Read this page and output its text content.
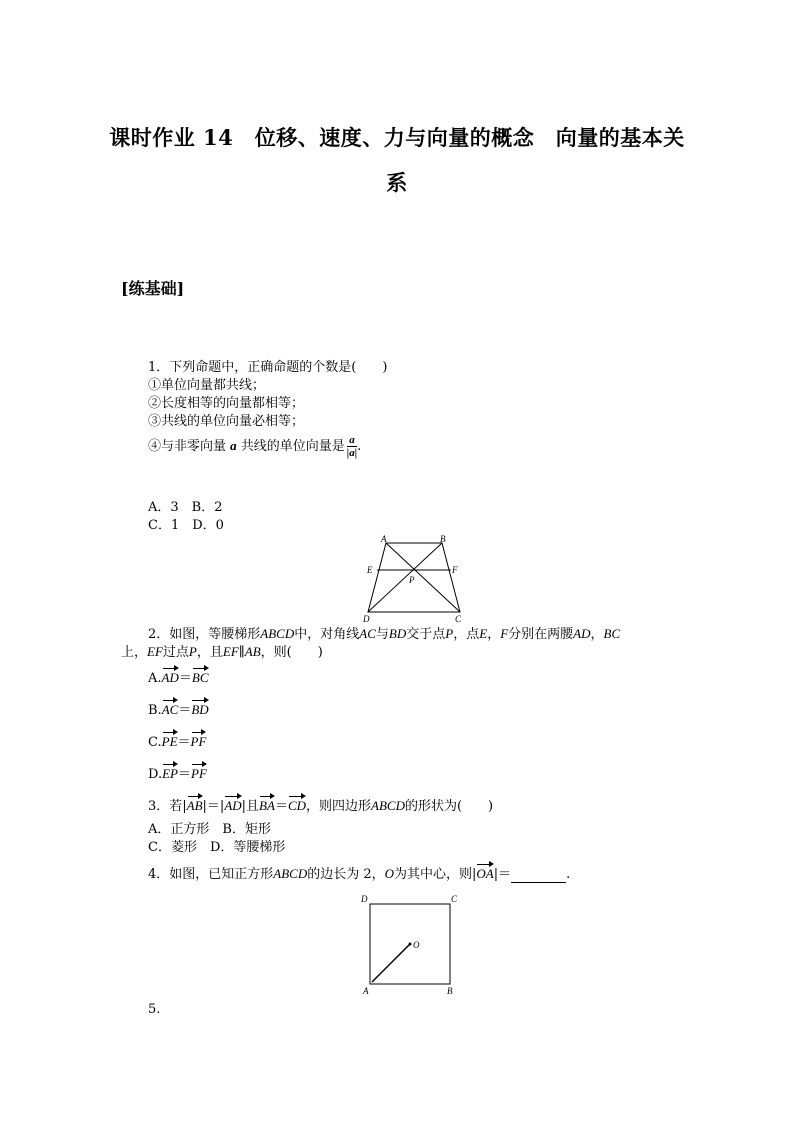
课时作业 14　位移、速度、力与向量的概念　向量的基本关
系
[练基础]
1．下列命题中，正确命题的个数是(　　)
①单位向量都共线；
②长度相等的向量都相等；
③共线的单位向量必相等；
④与非零向量 a 共线的单位向量是 $\frac{a}{|a|}$ .
A．3　B．2
C．1　D．0
A	B
E
P
F
D	C
2．如图，等腰梯形ABCD中，对角线AC与BD交于点P，点E，F分别在两腰AD，BC
上，EF过点P，且EF∥AB，则(　　)
A.AD＝BC
B.AC＝BD
C.PE＝PF
D.EP＝PF
3．若|AB|＝|AD|且BA＝CD，则四边形ABCD的形状为(　　)
A．正方形　B．矩形
C．菱形　D．等腰梯形
4．如图，已知正方形ABCD的边长为 2，O为其中心，则|OA|＝	.
D	C
O
A	B
5.
